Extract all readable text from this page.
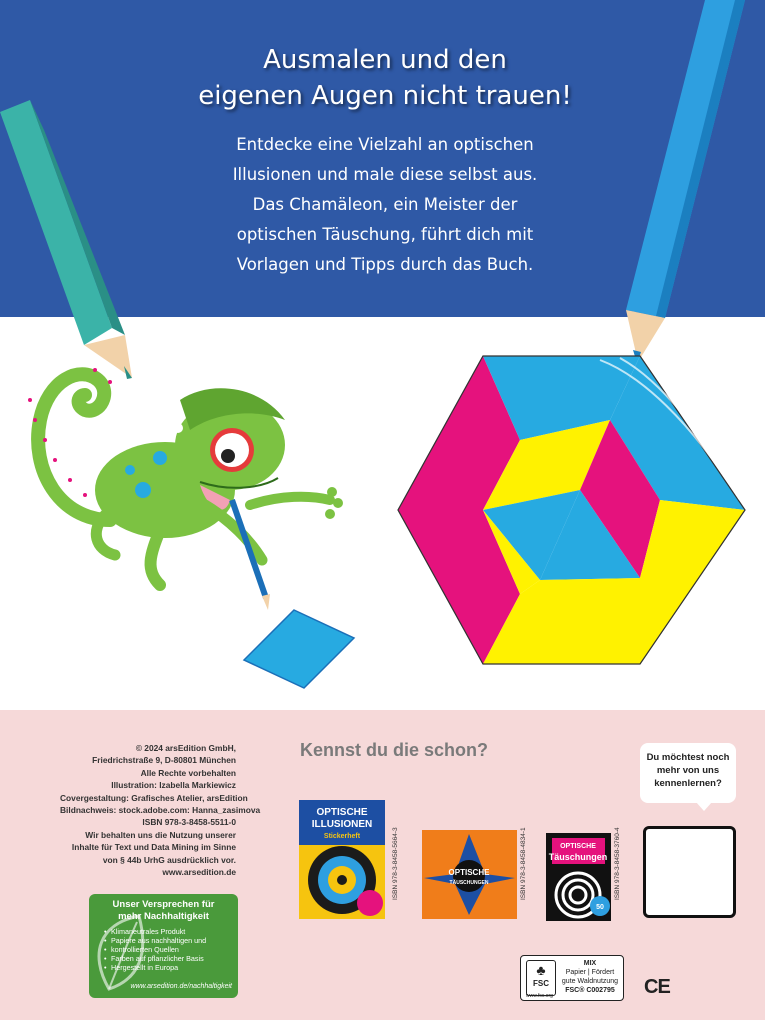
OPTISCHE
ILLUSIONEN
Stickerheft
OPTISCHE
TÄUSCHUNGEN
OPTISCHE
Täuschungen
50
Ausmalen und den
eigenen Augen nicht trauen!
Entdecke eine Vielzahl an optischen
Illusionen und male diese selbst aus.
Das Chamäleon, ein Meister der
optischen Täuschung, führt dich mit
Vorlagen und Tipps durch das Buch.
© 2024 arsEdition GmbH,
Friedrichstraße 9, D-80801 München
Alle Rechte vorbehalten
Illustration: Izabella Markiewicz
Covergestaltung: Grafisches Atelier, arsEdition
Bildnachweis: stock.adobe.com: Hanna_zasimova
ISBN 978-3-8458-5511-0
Wir behalten uns die Nutzung unserer
Inhalte für Text und Data Mining im Sinne
von § 44b UrhG ausdrücklich vor.
www.arsedition.de
Unser Versprechen für
mehr Nachhaltigkeit
• Klimaneutrales Produkt
• Papiere aus nachhaltigen und
• kontrollierten Quellen
• Farben auf pflanzlicher Basis
• Hergestellt in Europa
www.arsedition.de/nachhaltigkeit
Kennst du die schon?
ISBN 978-3-8458-5664-3	ISBN 978-3-8458-4834-1	ISBN 978-3-8458-3760-4
Du möchtest noch
mehr von uns
kennenlernen?
♣
FSC
MIX
Papier | Fördert
gute Waldnutzung
FSC® C002795
www.fsc.org	CE
